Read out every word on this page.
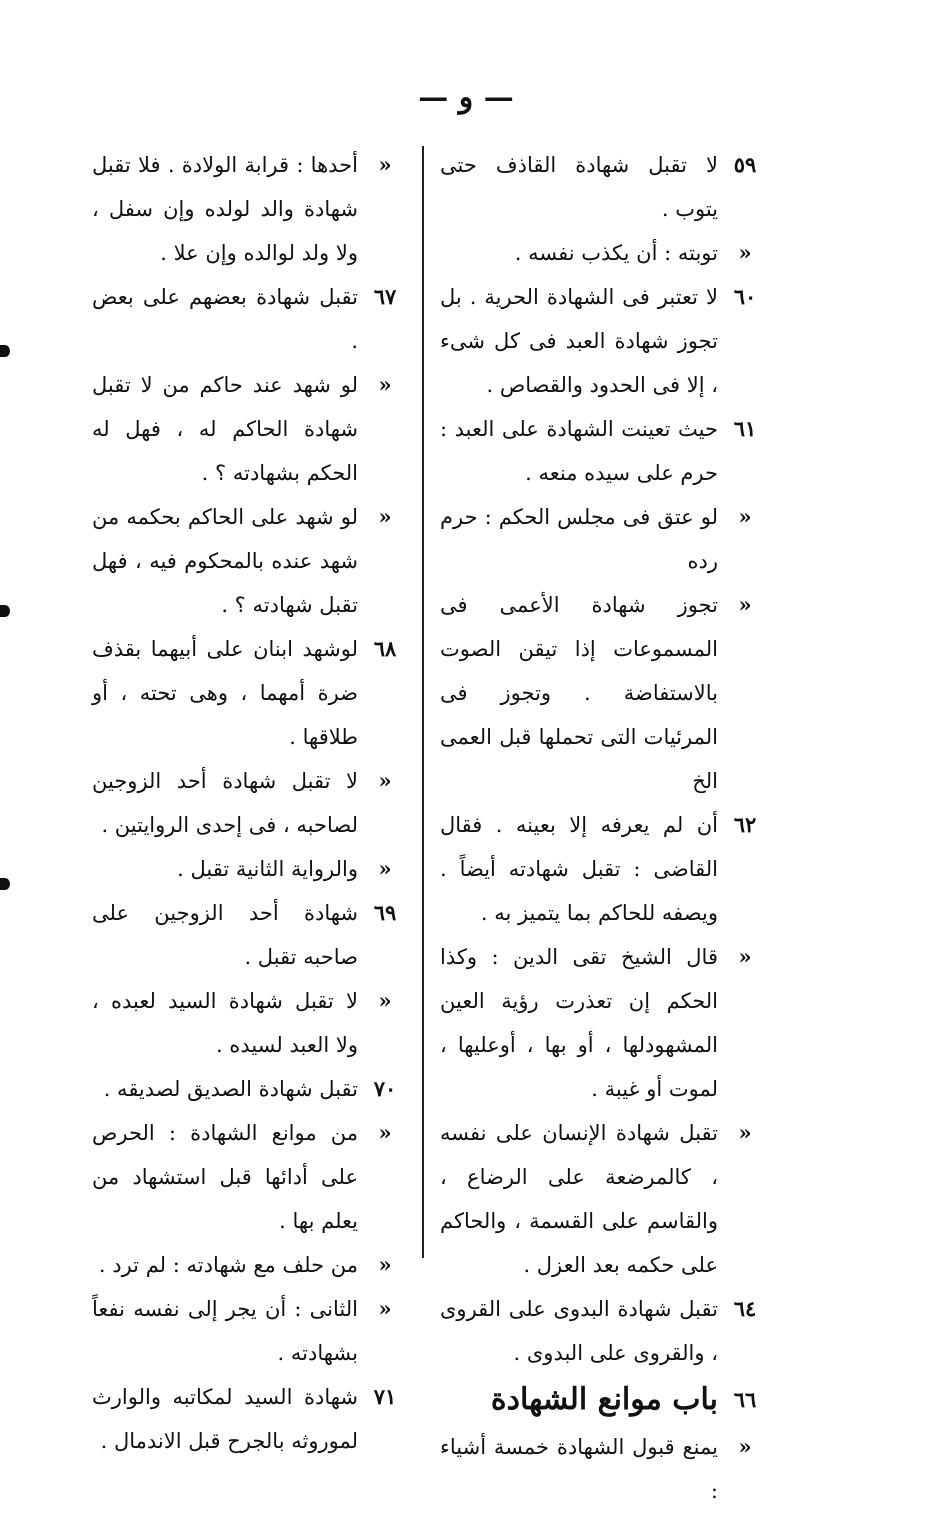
— و —
٥٩
لا تقبل شهادة القاذف حتى يتوب .
«
توبته : أن يكذب نفسه .
٦٠
لا تعتبر فى الشهادة الحرية . بل تجوز شهادة العبد فى كل شىء ، إلا فى الحدود والقصاص .
٦١
حيث تعينت الشهادة على العبد : حرم على سيده منعه .
«
لو عتق فى مجلس الحكم : حرم رده
«
تجوز شهادة الأعمى فى المسموعات إذا تيقن الصوت بالاستفاضة . وتجوز فى المرئيات التى تحملها قبل العمى الخ
٦٢
أن لم يعرفه إلا بعينه . فقال القاضى : تقبل شهادته أيضاً . ويصفه للحاكم بما يتميز به .
«
قال الشيخ تقى الدين : وكذا الحكم إن تعذرت رؤية العين المشهودلها ، أو بها ، أوعليها ، لموت أو غيبة .
«
تقبل شهادة الإنسان على نفسه ، كالمرضعة على الرضاع ، والقاسم على القسمة ، والحاكم على حكمه بعد العزل .
٦٤
تقبل شهادة البدوى على القروى ، والقروى على البدوى .
٦٦
باب موانع الشهادة
«
يمنع قبول الشهادة خمسة أشياء :
«
أحدها : قرابة الولادة . فلا تقبل شهادة والد لولده وإن سفل ، ولا ولد لوالده وإن علا .
٦٧
تقبل شهادة بعضهم على بعض .
«
لو شهد عند حاكم من لا تقبل شهادة الحاكم له ، فهل له الحكم بشهادته ؟ .
«
لو شهد على الحاكم بحكمه من شهد عنده بالمحكوم فيه ، فهل تقبل شهادته ؟ .
٦٨
لوشهد ابنان على أبيهما بقذف ضرة أمهما ، وهى تحته ، أو طلاقها .
«
لا تقبل شهادة أحد الزوجين لصاحبه ، فى إحدى الروايتين .
«
والرواية الثانية تقبل .
٦٩
شهادة أحد الزوجين على صاحبه تقبل .
«
لا تقبل شهادة السيد لعبده ، ولا العبد لسيده .
٧٠
تقبل شهادة الصديق لصديقه .
«
من موانع الشهادة : الحرص على أدائها قبل استشهاد من يعلم بها .
«
من حلف مع شهادته : لم ترد .
«
الثانى : أن يجر إلى نفسه نفعاً بشهادته .
٧١
شهادة السيد لمكاتبه والوارث لموروثه بالجرح قبل الاندمال .
